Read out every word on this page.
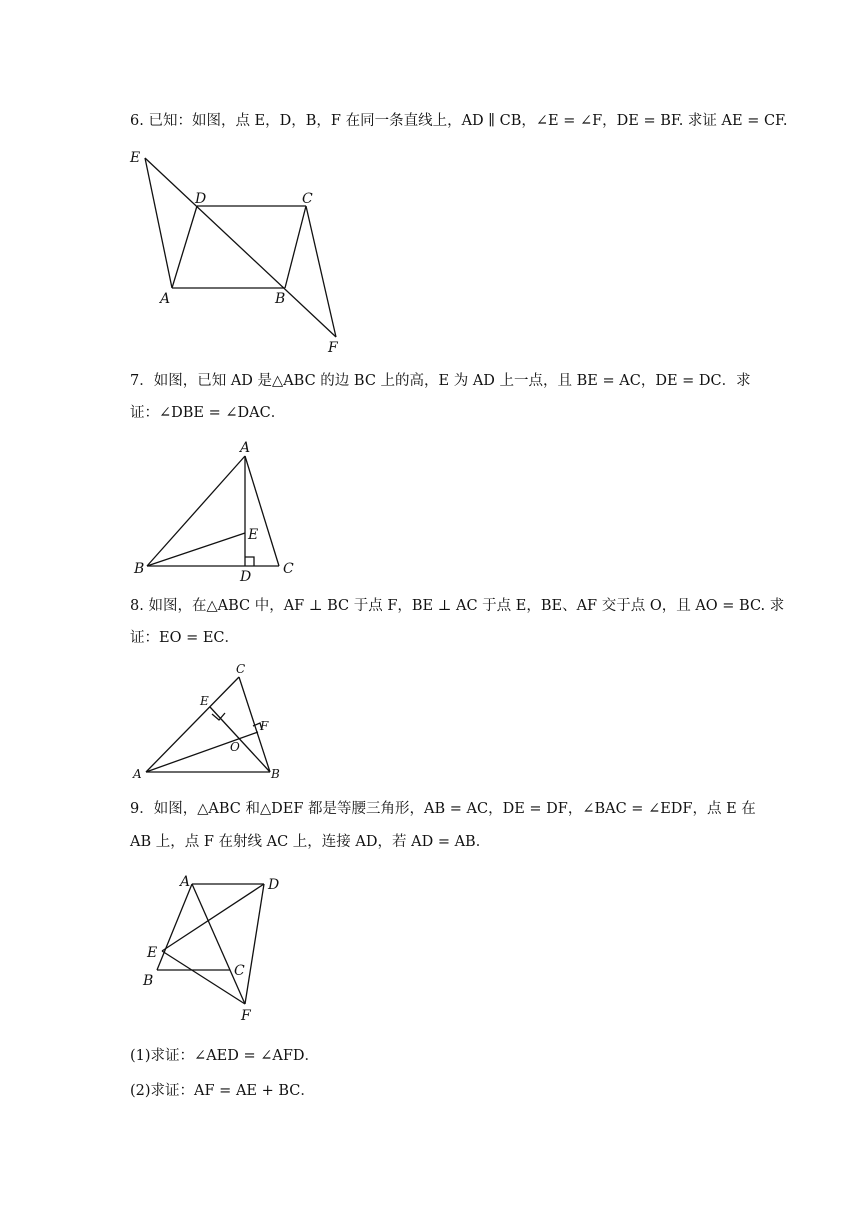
6. 已知：如图，点 E，D，B，F 在同一条直线上，AD ∥ CB，∠E = ∠F，DE = BF. 求证 AE = CF.
E
D	C
A	B
F
7．如图，已知 AD 是△ABC 的边 BC 上的高，E 为 AD 上一点，且 BE = AC，DE = DC．求
证：∠DBE = ∠DAC．
A
E
B	D C
8. 如图，在△ABC 中，AF ⊥ BC 于点 F，BE ⊥ AC 于点 E，BE、AF 交于点 O，且 AO = BC. 求
证：EO = EC．
C
E
F
O
A	B
9．如图，△ABC 和△DEF 都是等腰三角形，AB = AC，DE = DF，∠BAC = ∠EDF，点 E 在
AB 上，点 F 在射线 AC 上，连接 AD，若 AD = AB．
A	D
E
B
C
F
(1)求证：∠AED = ∠AFD．
(2)求证：AF = AE + BC．
